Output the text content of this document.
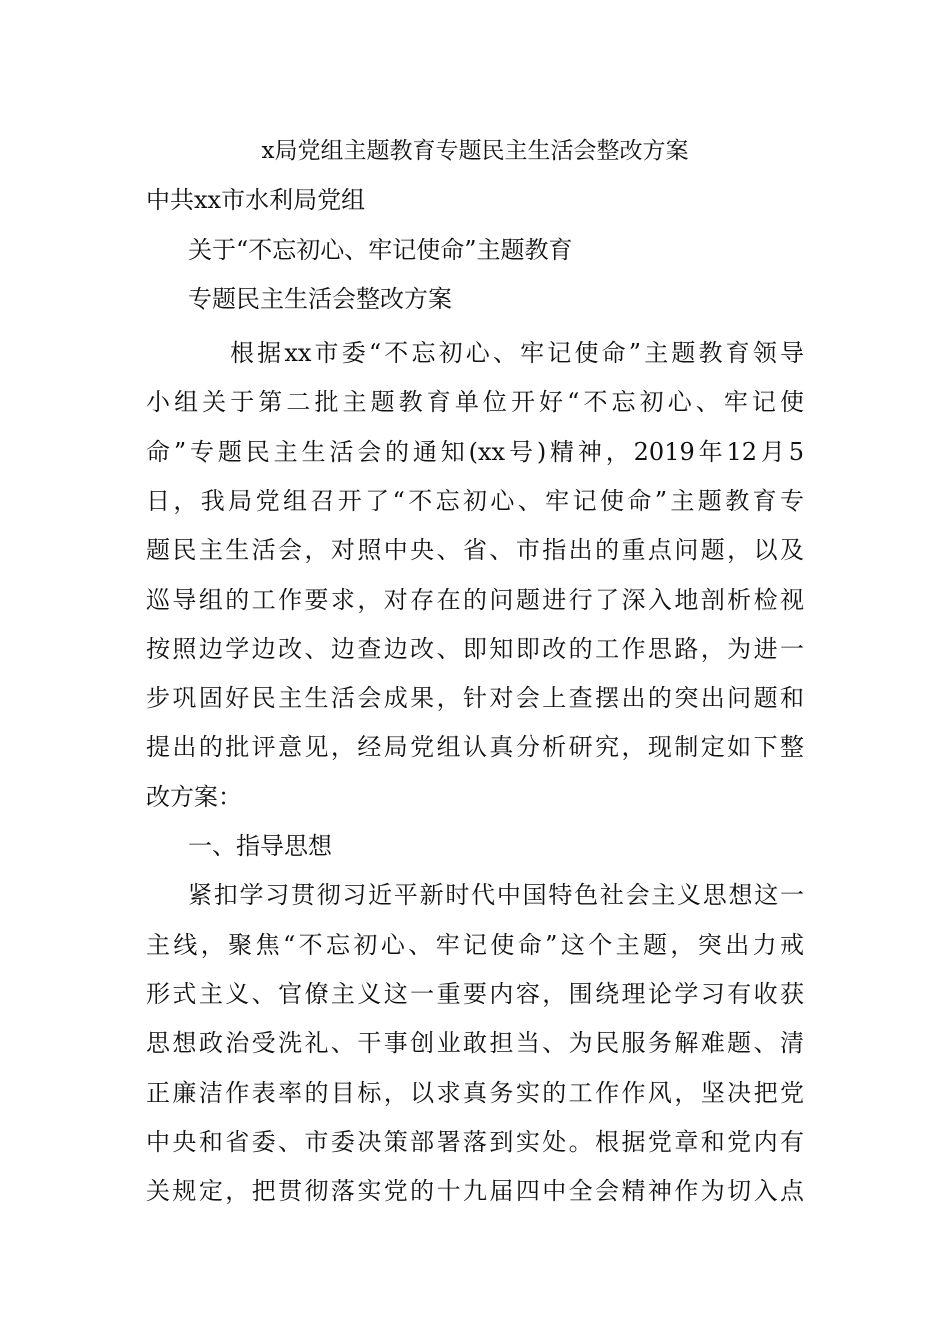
x局党组主题教育专题民主生活会整改方案
中共xx市水利局党组
关于“不忘初心、牢记使命”主题教育
专题民主生活会整改方案
根据xx市委“不忘初心、牢记使命”主题教育领导
小组关于第二批主题教育单位开好“不忘初心、牢记使
命”专题民主生活会的通知(xx号)精神，2019年12月5
日，我局党组召开了“不忘初心、牢记使命”主题教育专
题民主生活会，对照中央、省、市指出的重点问题，以及
巡导组的工作要求，对存在的问题进行了深入地剖析检视
按照边学边改、边查边改、即知即改的工作思路，为进一
步巩固好民主生活会成果，针对会上查摆出的突出问题和
提出的批评意见，经局党组认真分析研究，现制定如下整
改方案：
一、指导思想
紧扣学习贯彻习近平新时代中国特色社会主义思想这一
主线，聚焦“不忘初心、牢记使命”这个主题，突出力戒
形式主义、官僚主义这一重要内容，围绕理论学习有收获
思想政治受洗礼、干事创业敢担当、为民服务解难题、清
正廉洁作表率的目标，以求真务实的工作作风，坚决把党
中央和省委、市委决策部署落到实处。根据党章和党内有
关规定，把贯彻落实党的十九届四中全会精神作为切入点
